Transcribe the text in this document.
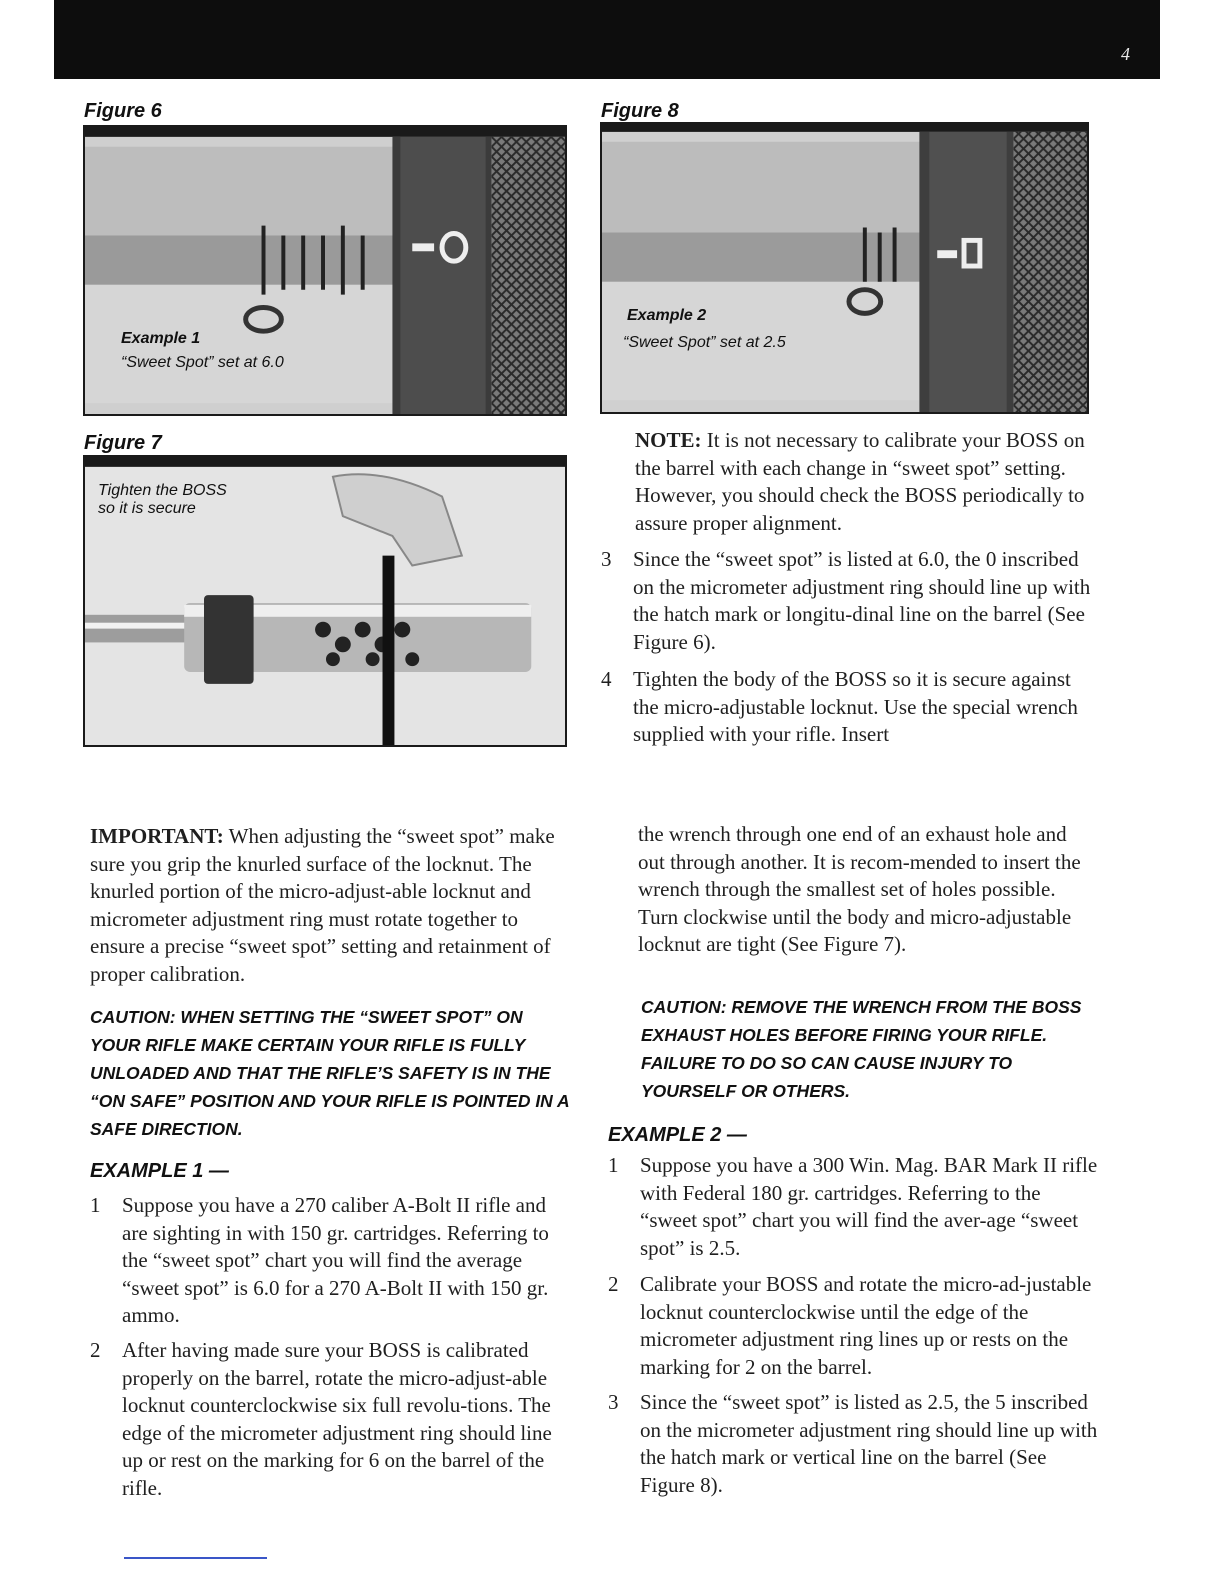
4
Figure 6
Example 1
“Sweet Spot” set at 6.0
Figure 7
Tighten the BOSS
so it is secure
Figure 8
Example 2
“Sweet Spot” set at 2.5
NOTE: It is not necessary to calibrate your BOSS on the barrel with each change in “sweet spot” setting. However, you should check the BOSS periodically to assure proper alignment.
3 Since the “sweet spot” is listed at 6.0, the 0 inscribed on the micrometer adjustment ring should line up with the hatch mark or longitu-dinal line on the barrel (See Figure 6).
4 Tighten the body of the BOSS so it is secure against the micro-adjustable locknut. Use the special wrench supplied with your rifle. Insert
IMPORTANT: When adjusting the “sweet spot” make sure you grip the knurled surface of the locknut. The knurled portion of the micro-adjust-able locknut and micrometer adjustment ring must rotate together to ensure a precise “sweet spot” setting and retainment of proper calibration.
CAUTION: WHEN SETTING THE “SWEET SPOT” ON YOUR RIFLE MAKE CERTAIN YOUR RIFLE IS FULLY UNLOADED AND THAT THE RIFLE’S SAFETY IS IN THE “ON SAFE” POSITION AND YOUR RIFLE IS POINTED IN A SAFE DIRECTION.
EXAMPLE 1 —
1 Suppose you have a 270 caliber A-Bolt II rifle and are sighting in with 150 gr. cartridges. Referring to the “sweet spot” chart you will find the average “sweet spot” is 6.0 for a 270 A-Bolt II with 150 gr. ammo.
2 After having made sure your BOSS is calibrated properly on the barrel, rotate the micro-adjust-able locknut counterclockwise six full revolu-tions. The edge of the micrometer adjustment ring should line up or rest on the marking for 6 on the barrel of the rifle.
the wrench through one end of an exhaust hole and out through another. It is recom-mended to insert the wrench through the smallest set of holes possible. Turn clockwise until the body and micro-adjustable locknut are tight (See Figure 7).
CAUTION: REMOVE THE WRENCH FROM THE BOSS EXHAUST HOLES BEFORE FIRING YOUR RIFLE. FAILURE TO DO SO CAN CAUSE INJURY TO YOURSELF OR OTHERS.
EXAMPLE 2 —
1 Suppose you have a 300 Win. Mag. BAR Mark II rifle with Federal 180 gr. cartridges. Referring to the “sweet spot” chart you will find the aver-age “sweet spot” is 2.5.
2 Calibrate your BOSS and rotate the micro-ad-justable locknut counterclockwise until the edge of the micrometer adjustment ring lines up or rests on the marking for 2 on the barrel.
3 Since the “sweet spot” is listed as 2.5, the 5 inscribed on the micrometer adjustment ring should line up with the hatch mark or vertical line on the barrel (See Figure 8).
